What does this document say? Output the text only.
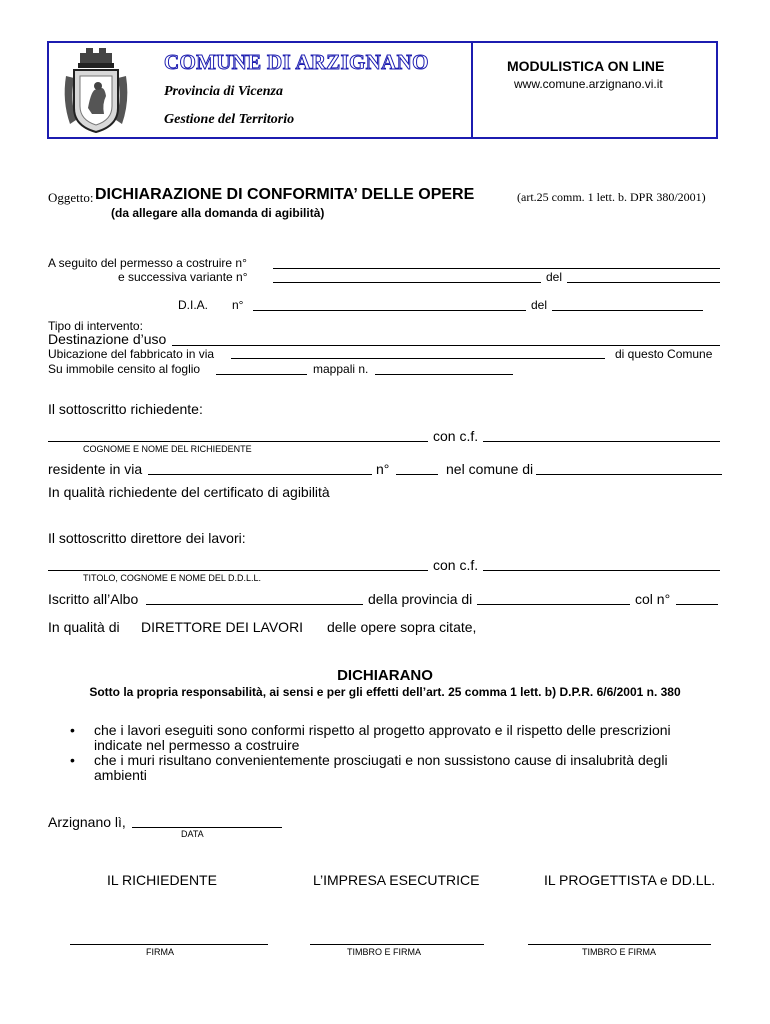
COMUNE DI ARZIGNANO
Provincia di Vicenza
Gestione del Territorio
MODULISTICA ON LINE
www.comune.arzignano.vi.it
Oggetto: DICHIARAZIONE DI CONFORMITA’ DELLE OPERE	(art.25 comm. 1 lett. b. DPR 380/2001)
(da allegare alla domanda di agibilità)
A seguito del permesso a costruire n°
e successiva variante n°	del
D.I.A. n°	del
Tipo di intervento:
Destinazione d’uso
Ubicazione del fabbricato in via	di questo Comune
Su immobile censito al foglio	mappali n.
Il sottoscritto richiedente:
con c.f.
COGNOME E NOME DEL RICHIEDENTE
residente in via	n°	nel comune di
In qualità richiedente del certificato di agibilità
Il sottoscritto direttore dei lavori:
con c.f.
TITOLO, COGNOME E NOME DEL D.D.L.L.
Iscritto all’Albo	della provincia di	col n°
In qualità di DIRETTORE DEI LAVORI delle opere sopra citate,
DICHIARANO
Sotto la propria responsabilità, ai sensi e per gli effetti dell’art. 25 comma 1 lett. b) D.P.R. 6/6/2001 n. 380
• che i lavori eseguiti sono conformi rispetto al progetto approvato e il rispetto delle prescrizioni
indicate nel permesso a costruire
• che i muri risultano convenientemente prosciugati e non sussistono cause di insalubrità degli
ambienti
Arzignano lì,
DATA
IL RICHIEDENTE	L’IMPRESA ESECUTRICE	IL PROGETTISTA e DD.LL.
FIRMA	TIMBRO E FIRMA	TIMBRO E FIRMA
